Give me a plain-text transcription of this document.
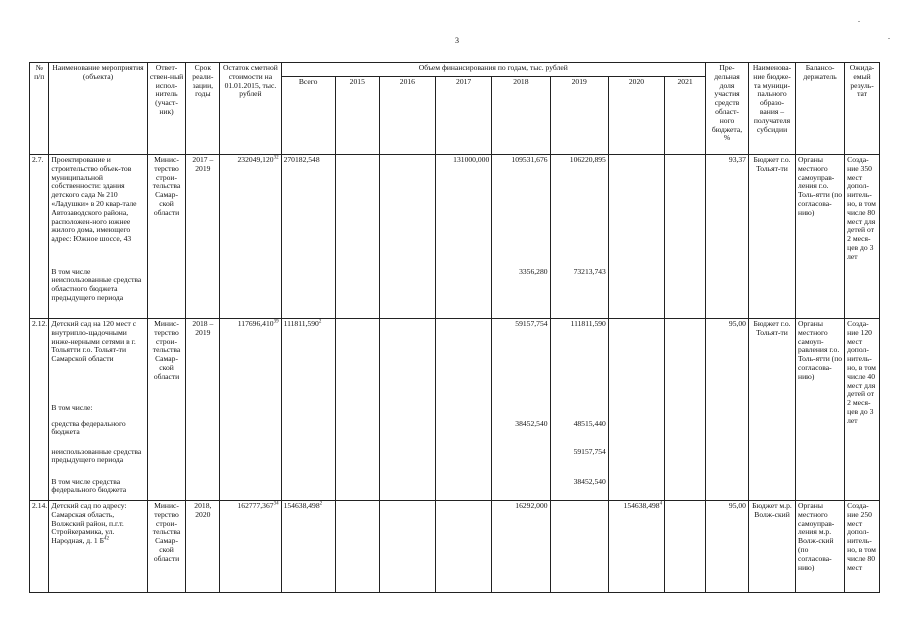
3
.
.
№ п/п	Наименование мероприятия (объекта)	Ответ-ствен-ный испол-нитель (участ-ник)	Срок реали-зации, годы	Остаток сметной стоимости на 01.01.2015, тыс. рублей	Объем финансирования по годам, тыс. рублей								Пре-дельная доля участия средств област-ного бюджета, %	Наименова-ние бюдже-та муници-пального образо-вания – получателя субсидии	Балансо-держатель	Ожида-емый резуль-тат
					Всего	2015	2016	2017	2018	2019	2020	2021				
2.7.	Проектирование и строительство объек-тов муниципальной собственности: здания детского сада № 210 «Ладушки» в 20 квар-тале Автозаводского района, расположен-ного южнее жилого дома, имеющего адрес: Южное шоссе, 43	Минис-терство строи-тельства Самар-ской области	2017 – 2019	232049,120$^{32}$	270182,548			131000,000	109531,676	106220,895			93,37	Бюджет г.о. Тольят-ти	Органы местного самоуправ-ления г.о. Толь-ятти (по согласова-нию)	Созда-ние 350 мест допол-нитель-но, в том числе 80 мест для детей от 2 меся-цев до 3 лет
	В том числе неиспользованные средства областного бюджета предыдущего периода								3356,280	73213,743						
2.12.	Детский сад на 120 мест с внутрипло-щадочными инже-нерными сетями в г. Тольятти г.о. Тольят-ти Самарской области	Минис-терство строи-тельства Самар-ской области	2018 – 2019	117696,410$^{39}$	111811,590$^2$				59157,754	111811,590			95,00	Бюджет г.о. Тольят-ти	Органы местного самоуп-равления г.о. Толь-ятти (по согласова-нию)	Созда-ние 120 мест допол-нитель-но, в том числе 40 мест для детей от 2 меся-цев до 3 лет
	В том числе:															
	средства федерального бюджета								38452,540	48515,440						
	неиспользованные средства предыдущего периода									59157,754						
	В том числе средства федерального бюджета									38452,540						
2.14.	Детский сад по адресу: Самарская область, Волжский район, п.г.т. Стройкерамика, ул. Народная, д. 1 $Б^{42}$	Минис-терство строи-тельства Самар-ской области	2018, 2020	162777,367$^{34}$	154638,498$^2$				16292,000		154638,498$^4$		95,00	Бюджет м.р. Волж-ский	Органы местного самоуправ-ления м.р. Волж-ский (по согласова-нию)	Созда-ние 250 мест допол-нитель-но, в том числе 80 мест
